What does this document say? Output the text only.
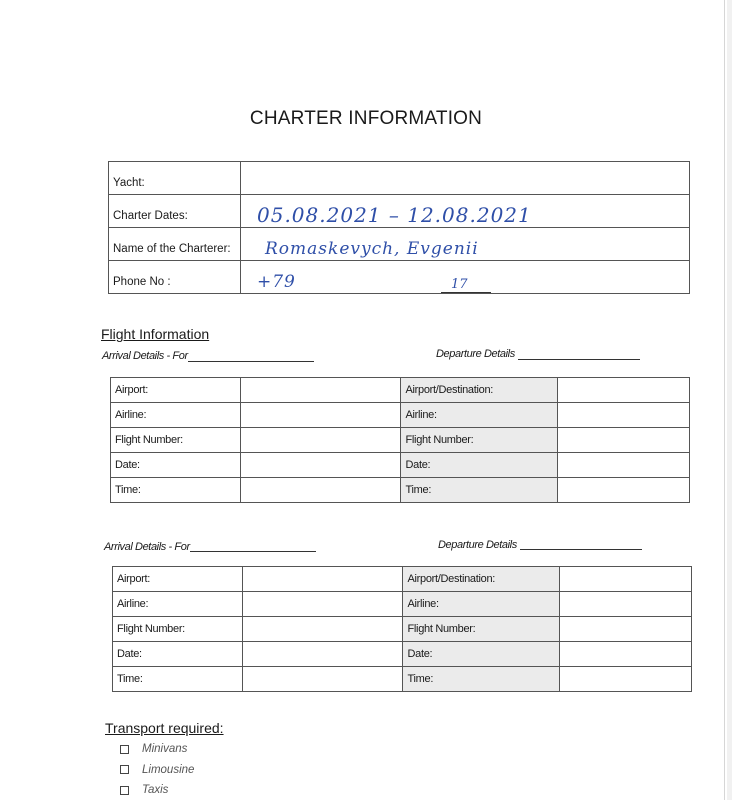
CHARTER INFORMATION
Yacht:	
Charter Dates:	05.08.2021 – 12.08.2021

Name of the Charterer:	Romaskevych, Evgenii

Phone No :	+79 17
Flight Information
Arrival Details - For	Departure Details
Airport:		Airport/Destination:	
Airline:		Airline:	
Flight Number:		Flight Number:	
Date:		Date:	
Time:		Time:	
Arrival Details - For	Departure Details
Airport:		Airport/Destination:	
Airline:		Airline:	
Flight Number:		Flight Number:	
Date:		Date:	
Time:		Time:	
Transport required:
Minivans
Limousine
Taxis
